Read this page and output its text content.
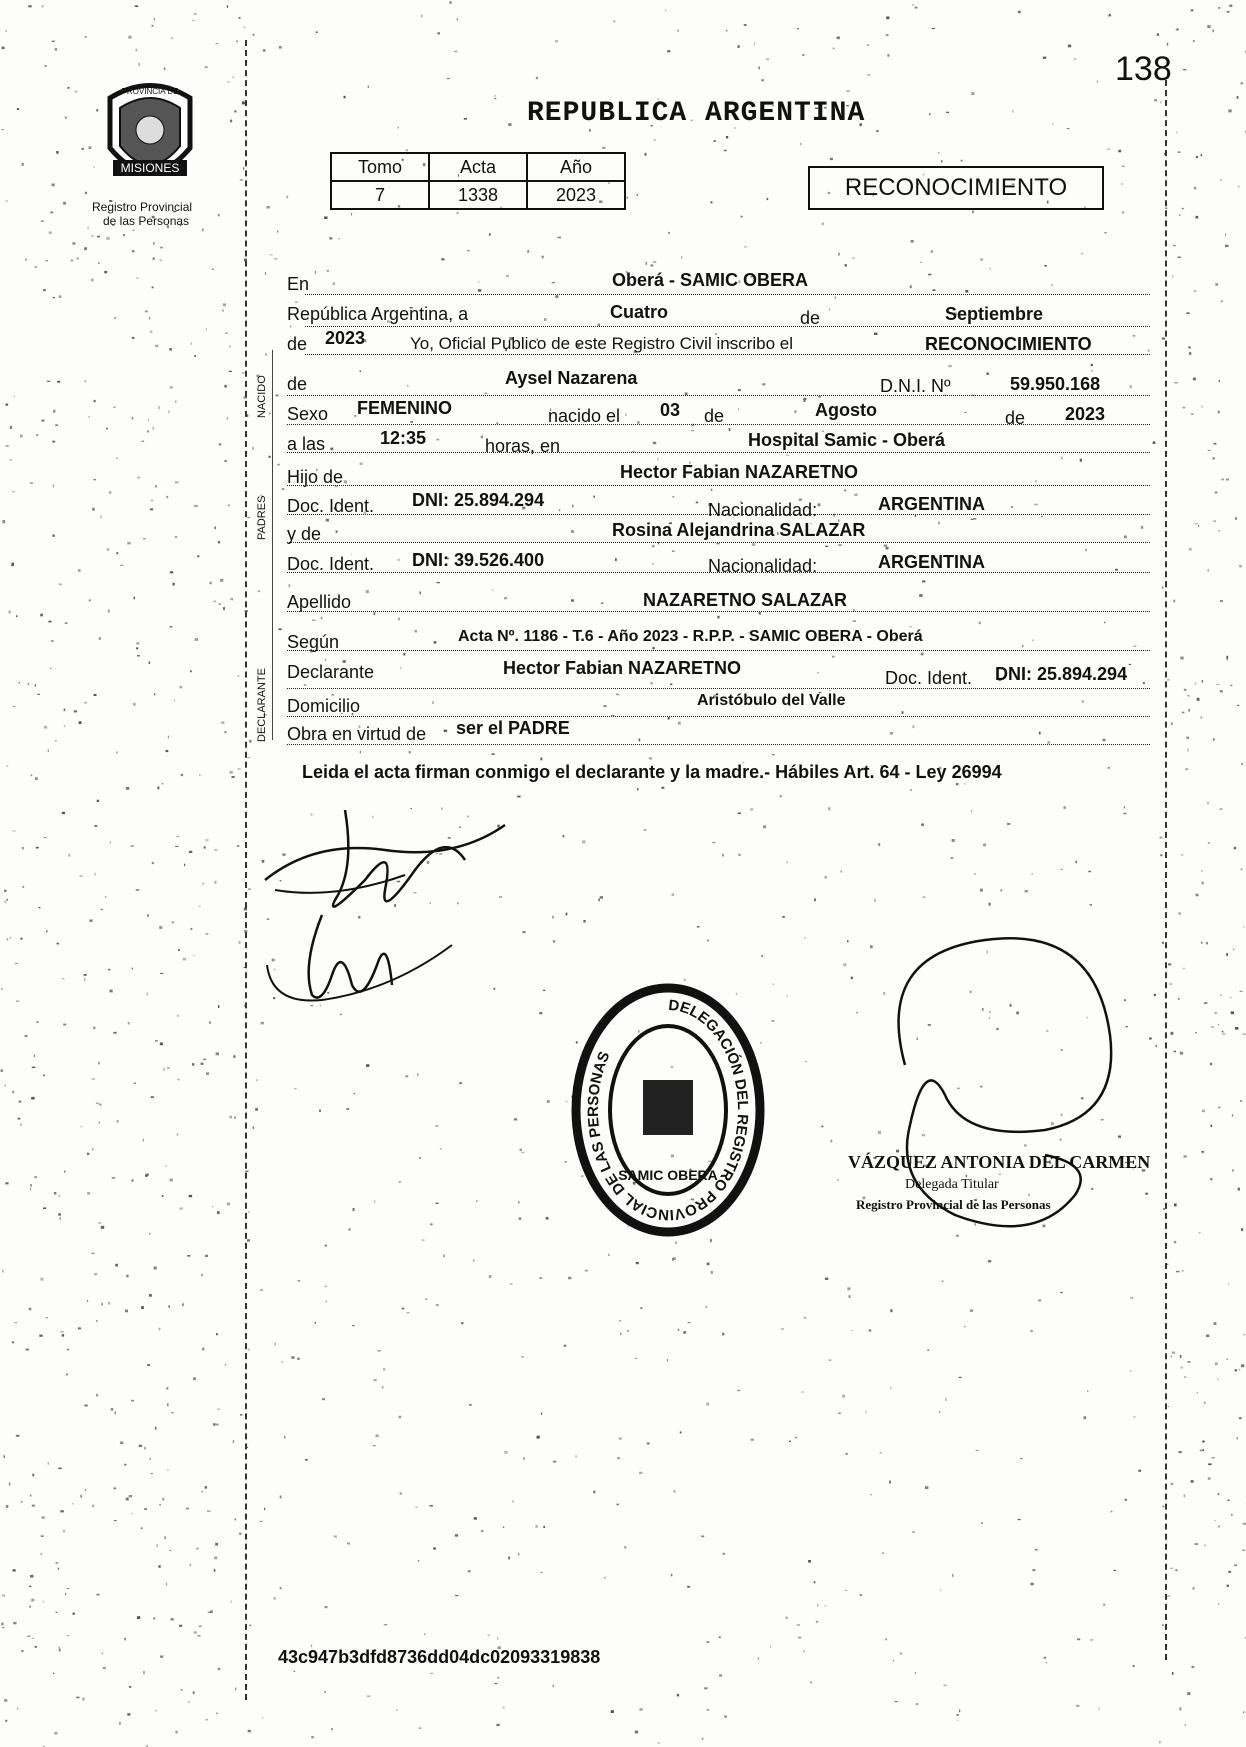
138
MISIONES
PROVINCIA DE
Registro Provincial
de las Personas
REPUBLICA ARGENTINA
RECONOCIMIENTO
Tomo	Acta	Año
7	1338	2023
NACIDO
PADRES
DECLARANTE
En	Oberá - SAMIC OBERA
República Argentina, a	Cuatro	de	Septiembre
de 2023	Yo, Oficial Publico de este Registro Civil inscribo el	RECONOCIMIENTO
de	Aysel Nazarena	D.N.I. Nº	59.950.168
Sexo FEMENINO	nacido el 03 de	Agosto	de 2023
a las	12:35	horas, en	Hospital Samic - Oberá
Hijo de	Hector Fabian NAZARETNO
Doc. Ident. DNI: 25.894.294	Nacionalidad:	ARGENTINA
y de	Rosina Alejandrina SALAZAR
Doc. Ident. DNI: 39.526.400	Nacionalidad:	ARGENTINA
Apellido	NAZARETNO SALAZAR
Según	Acta Nº. 1186 - T.6 - Año 2023 - R.P.P. - SAMIC OBERA - Oberá
Declarante	Hector Fabian NAZARETNO	Doc. Ident. DNI: 25.894.294
Domicilio	Aristóbulo del Valle
Obra en virtud de ser el PADRE
Leida el acta firman conmigo el declarante y la madre.- Hábiles Art. 64 - Ley 26994
DELEGACIÓN DEL REGISTRO PROVINCIAL DE LAS PERSONAS
SAMIC OBERA
VÁZQUEZ ANTONIA DEL CARMEN
Delegada Titular
Registro Provincial de las Personas
43c947b3dfd8736dd04dc02093319838
